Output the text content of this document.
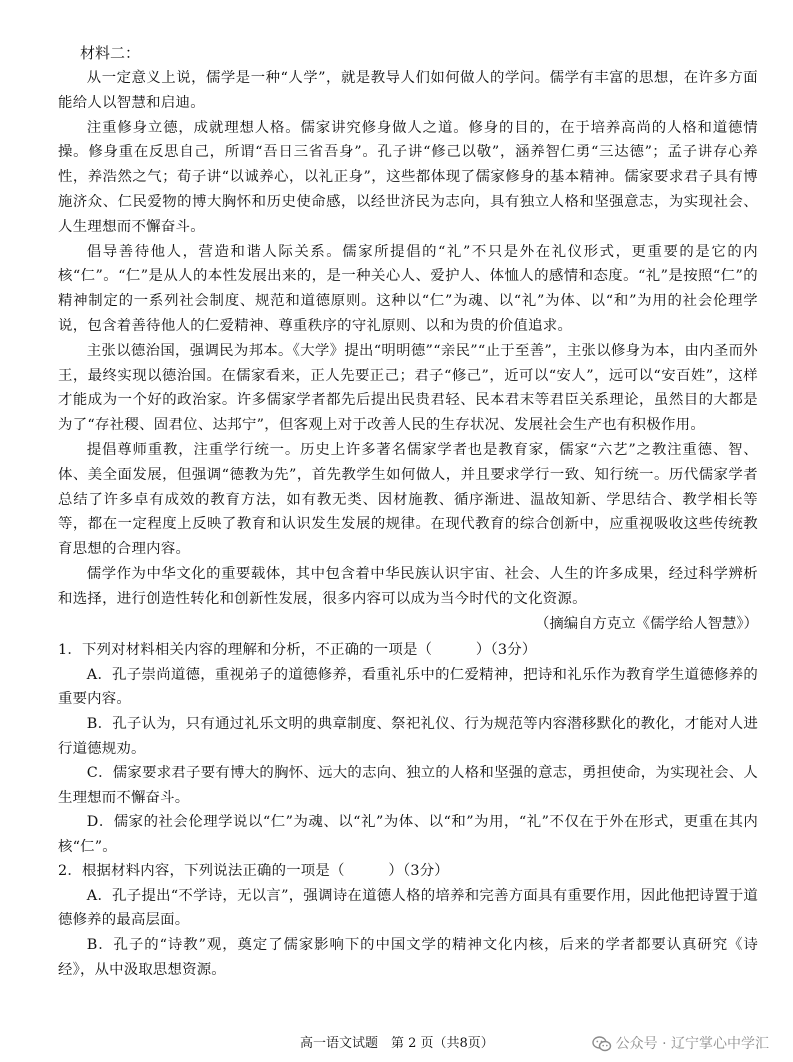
材料二：

从一定意义上说，儒学是一种“人学”，就是教导人们如何做人的学问。儒学有丰富的思想，在许多方面能给人以智慧和启迪。

注重修身立德，成就理想人格。儒家讲究修身做人之道。修身的目的，在于培养高尚的人格和道德情操。修身重在反思自己，所谓“吾日三省吾身”。孔子讲“修己以敬”，涵养智仁勇“三达德”；孟子讲存心养性，养浩然之气；荀子讲“以诚养心，以礼正身”，这些都体现了儒家修身的基本精神。儒家要求君子具有博施济众、仁民爱物的博大胸怀和历史使命感，以经世济民为志向，具有独立人格和坚强意志，为实现社会、人生理想而不懈奋斗。

倡导善待他人，营造和谐人际关系。儒家所提倡的“礼”不只是外在礼仪形式，更重要的是它的内核“仁”。“仁”是从人的本性发展出来的，是一种关心人、爱护人、体恤人的感情和态度。“礼”是按照“仁”的精神制定的一系列社会制度、规范和道德原则。这种以“仁”为魂、以“礼”为体、以“和”为用的社会伦理学说，包含着善待他人的仁爱精神、尊重秩序的守礼原则、以和为贵的价值追求。

主张以德治国，强调民为邦本。《大学》提出“明明德”“亲民”“止于至善”，主张以修身为本，由内圣而外王，最终实现以德治国。在儒家看来，正人先要正己；君子“修己”，近可以“安人”，远可以“安百姓”，这样才能成为一个好的政治家。许多儒家学者都先后提出民贵君轻、民本君末等君臣关系理论，虽然目的大都是为了“存社稷、固君位、达邦宁”，但客观上对于改善人民的生存状况、发展社会生产也有积极作用。

提倡尊师重教，注重学行统一。历史上许多著名儒家学者也是教育家，儒家“六艺”之教注重德、智、体、美全面发展，但强调“德教为先”，首先教学生如何做人，并且要求学行一致、知行统一。历代儒家学者总结了许多卓有成效的教育方法，如有教无类、因材施教、循序渐进、温故知新、学思结合、教学相长等等，都在一定程度上反映了教育和认识发生发展的规律。在现代教育的综合创新中，应重视吸收这些传统教育思想的合理内容。

儒学作为中华文化的重要载体，其中包含着中华民族认识宇宙、社会、人生的许多成果，经过科学辨析和选择，进行创造性转化和创新性发展，很多内容可以成为当今时代的文化资源。

（摘编自方克立《儒学给人智慧》）

1．下列对材料相关内容的理解和分析，不正确的一项是（　　　）（3分）

A．孔子崇尚道德，重视弟子的道德修养，看重礼乐中的仁爱精神，把诗和礼乐作为教育学生道德修养的重要内容。

B．孔子认为，只有通过礼乐文明的典章制度、祭祀礼仪、行为规范等内容潜移默化的教化，才能对人进行道德规劝。

C．儒家要求君子要有博大的胸怀、远大的志向、独立的人格和坚强的意志，勇担使命，为实现社会、人生理想而不懈奋斗。

D．儒家的社会伦理学说以“仁”为魂、以“礼”为体、以“和”为用，“礼”不仅在于外在形式，更重在其内核“仁”。

2．根据材料内容，下列说法正确的一项是（　　　）（3分）

A．孔子提出“不学诗，无以言”，强调诗在道德人格的培养和完善方面具有重要作用，因此他把诗置于道德修养的最高层面。

B．孔子的“诗教”观，奠定了儒家影响下的中国文学的精神文化内核，后来的学者都要认真研究《诗经》，从中汲取思想资源。

高一语文试题　第 2 页（共8页）	公众号 · 辽宁掌心中学汇
